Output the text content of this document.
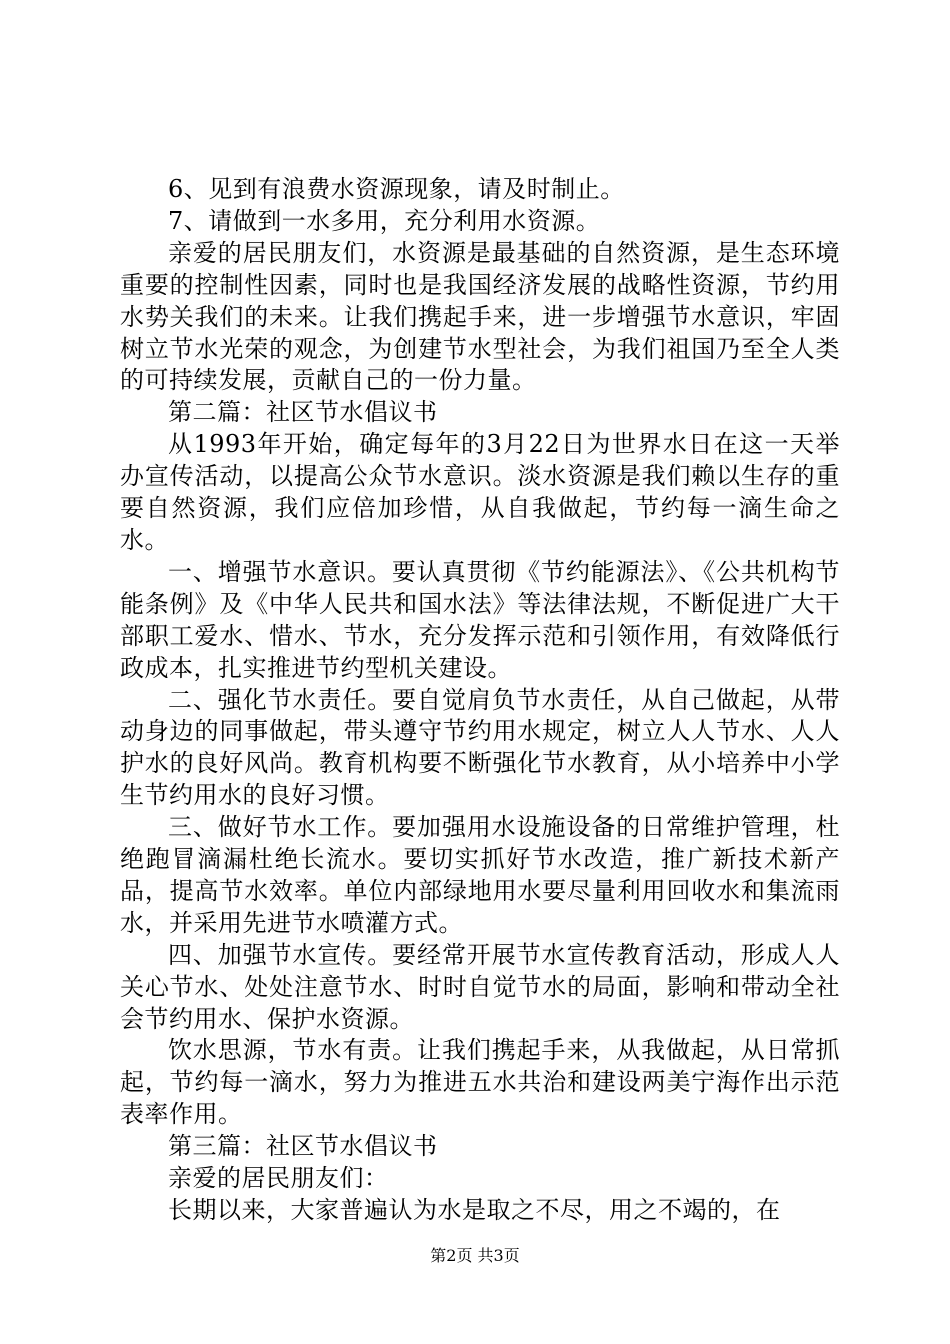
6、见到有浪费水资源现象，请及时制止。

7、请做到一水多用，充分利用水资源。

亲爱的居民朋友们，水资源是最基础的自然资源，是生态环境重要的控制性因素，同时也是我国经济发展的战略性资源，节约用水势关我们的未来。让我们携起手来，进一步增强节水意识，牢固树立节水光荣的观念，为创建节水型社会，为我们祖国乃至全人类的可持续发展，贡献自己的一份力量。

第二篇：社区节水倡议书

从1993年开始，确定每年的3月22日为世界水日在这一天举办宣传活动，以提高公众节水意识。淡水资源是我们赖以生存的重要自然资源，我们应倍加珍惜，从自我做起，节约每一滴生命之水。

一、增强节水意识。要认真贯彻《节约能源法》、《公共机构节能条例》及《中华人民共和国水法》等法律法规，不断促进广大干部职工爱水、惜水、节水，充分发挥示范和引领作用，有效降低行政成本，扎实推进节约型机关建设。

二、强化节水责任。要自觉肩负节水责任，从自己做起，从带动身边的同事做起，带头遵守节约用水规定，树立人人节水、人人护水的良好风尚。教育机构要不断强化节水教育，从小培养中小学生节约用水的良好习惯。

三、做好节水工作。要加强用水设施设备的日常维护管理，杜绝跑冒滴漏杜绝长流水。要切实抓好节水改造，推广新技术新产品，提高节水效率。单位内部绿地用水要尽量利用回收水和集流雨水，并采用先进节水喷灌方式。

四、加强节水宣传。要经常开展节水宣传教育活动，形成人人关心节水、处处注意节水、时时自觉节水的局面，影响和带动全社会节约用水、保护水资源。

饮水思源，节水有责。让我们携起手来，从我做起，从日常抓起，节约每一滴水，努力为推进五水共治和建设两美宁海作出示范表率作用。

第三篇：社区节水倡议书

亲爱的居民朋友们：

长期以来，大家普遍认为水是取之不尽，用之不竭的，在

第2页 共3页
